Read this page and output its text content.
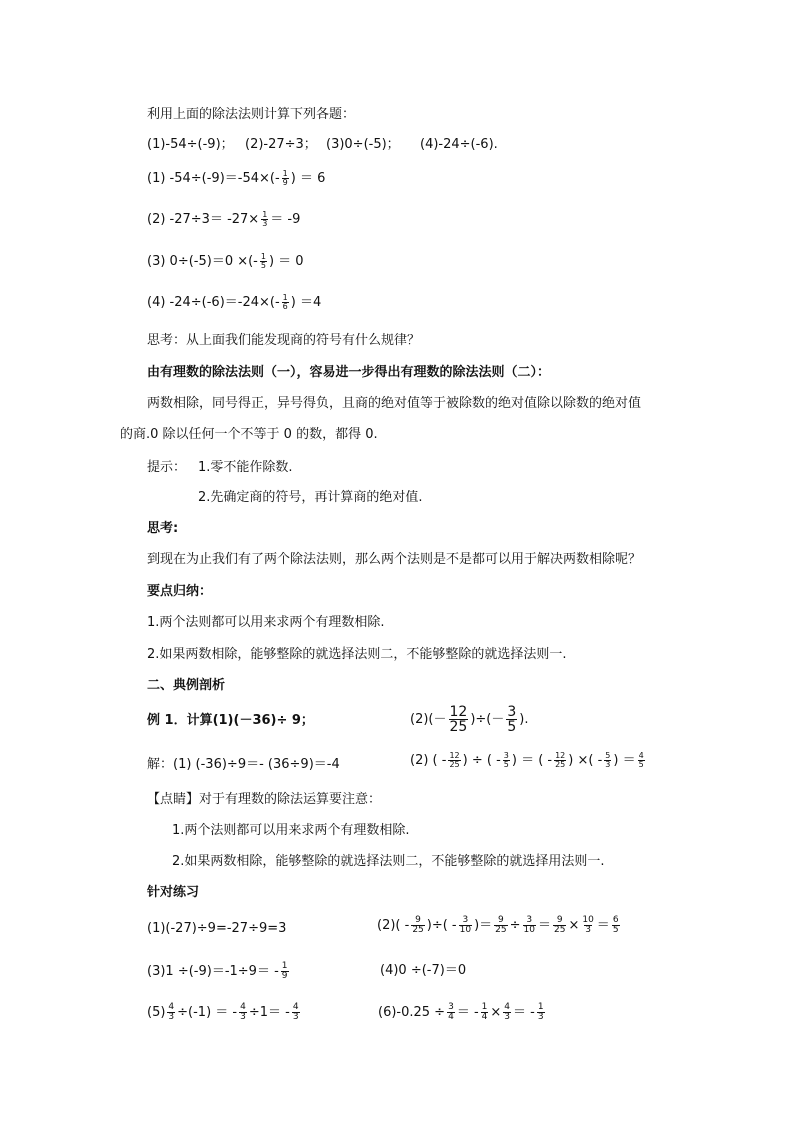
利用上面的除法法则计算下列各题：
(1)-54÷(-9)； (2)-27÷3； (3)0÷(-5)； (4)-24÷(-6).
(1) $-54\div(-9)=-54\times(- \frac{1}{9}$ ) ＝ 6
(2) $-27\div 3= -27\times \frac{1}{3} = -9$
(3) 0÷(-5)＝0 ×(- $\frac{1}{5}$ ) ＝ 0
(4) $-24\div(-6)=-24\times(- \frac{1}{6}$ ) ＝4
思考：从上面我们能发现商的符号有什么规律？
由有理数的除法法则（一），容易进一步得出有理数的除法法则（二）：
两数相除，同号得正，异号得负，且商的绝对值等于被除数的绝对值除以除数的绝对值
的商.0 除以任何一个不等于 0 的数，都得 0.
提示： 1.零不能作除数.
2.先确定商的符号，再计算商的绝对值.
思考:
到现在为止我们有了两个除法法则，那么两个法则是不是都可以用于解决两数相除呢？
要点归纳：
1.两个法则都可以用来求两个有理数相除.
2.如果两数相除，能够整除的就选择法则二，不能够整除的就选择法则一.
二、典例剖析
例 1．计算(1)(－36)÷ 9；	$(2)(- \frac{12}{25}$ )÷(－ $\frac{3}{5}$ ).
解：(1) (-36)÷9＝- (36÷9)＝-4	(2) ( - $\frac{12}{25}$ ) ÷ ( - $\frac{3}{5}$ ) ＝ ( - $\frac{12}{25}$ ) ×( - $\frac{5}{3}$ ) ＝ $\frac{4}{5}$
【点睛】对于有理数的除法运算要注意：
1.两个法则都可以用来求两个有理数相除.
2.如果两数相除，能够整除的就选择法则二，不能够整除的就选择用法则一.
针对练习
(1)(-27)÷9=-27÷9=3	$(2)( - \frac{9}{25}$ )÷( - $\frac{3}{10}$ )＝ $\frac{9}{25} \div \frac{3}{10} = \frac{9}{25} \times \frac{10}{3} = \frac{6}{5}$
$(3)1 \div(-9)=-1\div 9= - \frac{1}{9}$	(4)0 ÷(-7)＝0
$(5) \frac{4}{3} \div(-1)$ ＝ - $\frac{4}{3} \div 1= - \frac{4}{3}$	$(6)-0.25 \div \frac{3}{4}$ ＝ - $\frac{1}{4} \times \frac{4}{3}$ ＝ - $\frac{1}{3}$
